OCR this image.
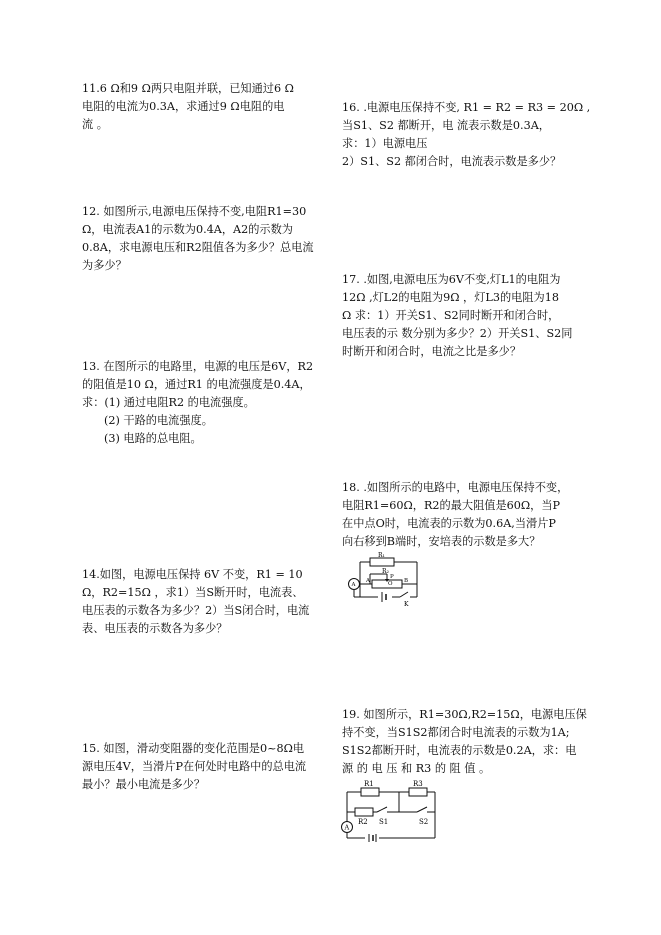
11.6 Ω和9 Ω两只电阻并联，已知通过6 Ω

电阻的电流为0.3A，求通过9 Ω电阻的电

流 。

12. 如图所示,电源电压保持不变,电阻R1=30

Ω，电流表A1的示数为0.4A，A2的示数为

0.8A，求电源电压和R2阻值各为多少？总电流

为多少？

13. 在图所示的电路里，电源的电压是6V，R2

的阻值是10 Ω，通过R1 的电流强度是0.4A，

求：(1) 通过电阻R2 的电流强度。

(2) 干路的电流强度。

(3) 电路的总电阻。

14.如图，电源电压保持 6V 不变，R1 = 10

Ω，R2=15Ω ，求1）当S断开时，电流表、

电压表的示数各为多少？2）当S闭合时，电流

表、电压表的示数各为多少？

15. 如图，滑动变阻器的变化范围是0~8Ω电

源电压4V，当滑片P在何处时电路中的总电流

最小？最小电流是多少？

16. .电源电压保持不变, R1 = R2 = R3 = 20Ω ,

当S1、S2 都断开，电 流表示数是0.3A，

求：1）电源电压

2）S1、S2 都闭合时，电流表示数是多少？

17. .如图,电源电压为6V不变,灯L1的电阻为

12Ω ,灯L2的电阻为9Ω ，灯L3的电阻为18

Ω 求：1）开关S1、S2同时断开和闭合时，

电压表的示 数分别为多少？2）开关S1、S2同

时断开和闭合时，电流之比是多少？

18. .如图所示的电路中，电源电压保持不变，

电阻R1=60Ω，R2的最大阻值是60Ω，当P

在中点O时，电流表的示数为0.6A,当滑片P

向右移到B端时，安培表的示数是多大？

19. 如图所示，R1=30Ω,R2=15Ω，电源电压保

持不变，当S1S2都闭合时电流表的示数为1A;

S1S2都断开时，电流表的示数是0.2A，求：电

源 的 电 压 和 R3 的 阻 值 。

R₁
R₂
A	O B
P
A
K
R1	R3
R2 S1	S2
A
